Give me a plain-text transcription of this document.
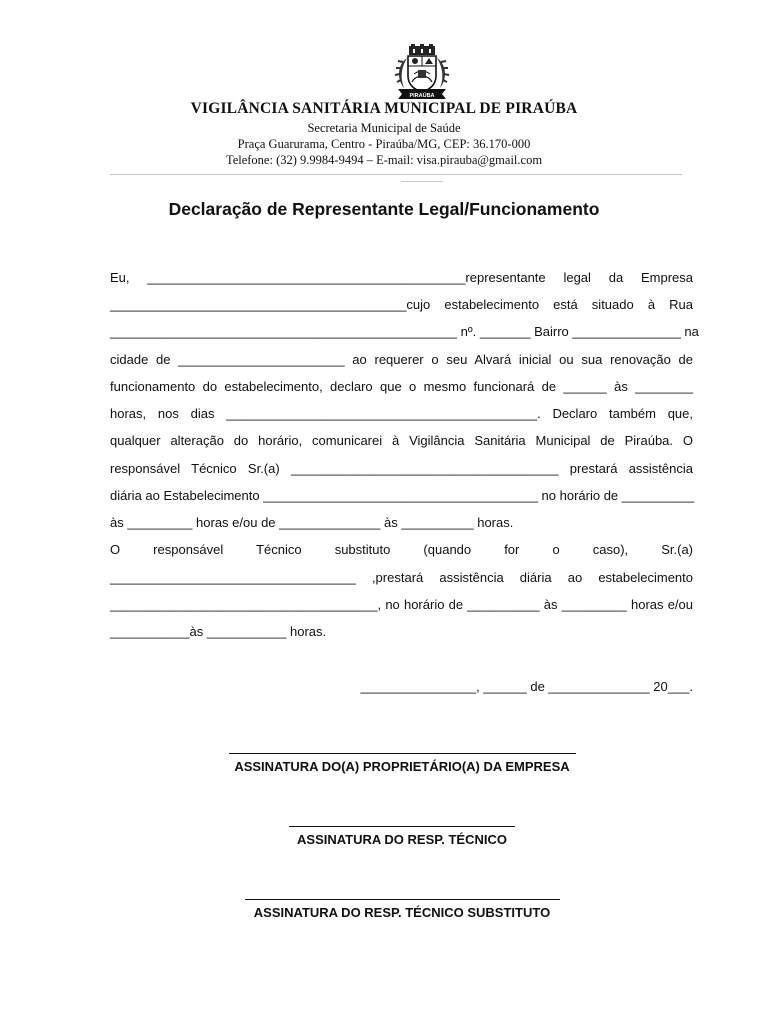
PIRAÚBA
VIGILÂNCIA SANITÁRIA MUNICIPAL DE PIRAÚBA
Secretaria Municipal de Saúde
Praça Guarurama, Centro - Piraúba/MG, CEP: 36.170-000
Telefone: (32) 9.9984-9494 – E-mail: visa.pirauba@gmail.com
Declaração de Representante Legal/Funcionamento
Eu, ____________________________________________representante legal da Empresa
_________________________________________cujo estabelecimento está situado à Rua
________________________________________________ nº. _______ Bairro _______________ na
cidade de _______________________ ao requerer o seu Alvará inicial ou sua renovação de
funcionamento do estabelecimento, declaro que o mesmo funcionará de ______ às ________
horas, nos dias ___________________________________________. Declaro também que,
qualquer alteração do horário, comunicarei à Vigilância Sanitária Municipal de Piraúba. O
responsável Técnico Sr.(a) _____________________________________ prestará assistência
diária ao Estabelecimento ______________________________________ no horário de __________
às _________ horas e/ou de ______________ às __________ horas.
O responsável Técnico substituto (quando for o caso), Sr.(a)
__________________________________ ,prestará assistência diária ao estabelecimento
_____________________________________, no horário de __________ às _________ horas e/ou
___________às ___________ horas.
________________, ______ de ______________ 20___.
ASSINATURA DO(A) PROPRIETÁRIO(A) DA EMPRESA
ASSINATURA DO RESP. TÉCNICO
ASSINATURA DO RESP. TÉCNICO SUBSTITUTO
